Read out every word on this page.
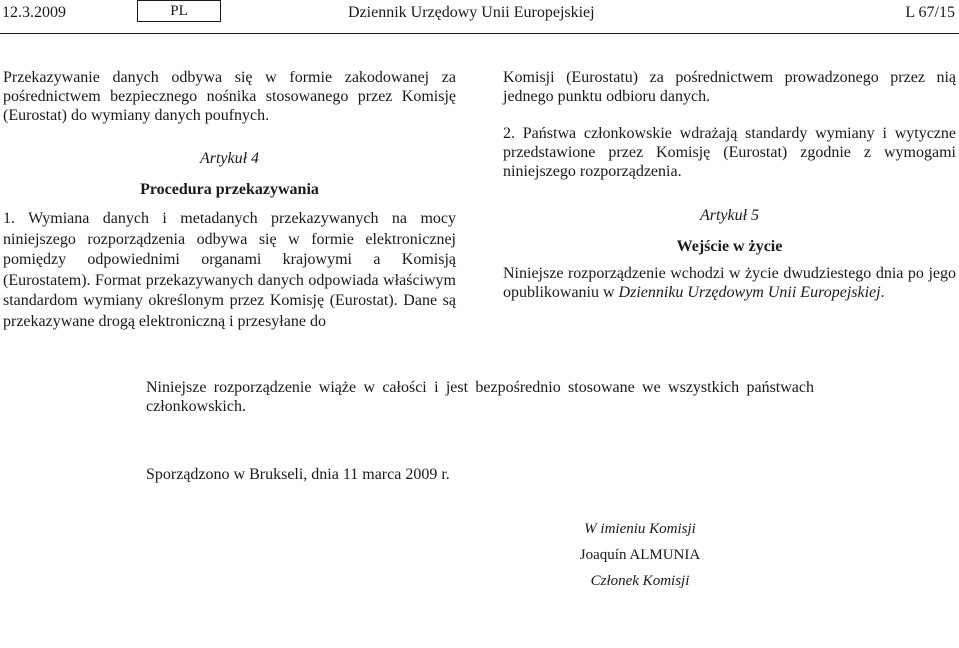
12.3.2009	PL	Dziennik Urzędowy Unii Europejskiej	L 67/15

Przekazywanie danych odbywa się w formie zakodowanej za pośrednictwem bezpiecznego nośnika stosowanego przez Komisję (Eurostat) do wymiany danych poufnych.

Artykuł 4

Procedura przekazywania

1. Wymiana danych i metadanych przekazywanych na mocy niniejszego rozporządzenia odbywa się w formie elektronicznej pomiędzy odpowiednimi organami krajowymi a Komisją (Eurostatem). Format przekazywanych danych odpowiada właściwym standardom wymiany określonym przez Komisję (Eurostat). Dane są przekazywane drogą elektroniczną i przesyłane do

Komisji (Eurostatu) za pośrednictwem prowadzonego przez nią jednego punktu odbioru danych.

2. Państwa członkowskie wdrażają standardy wymiany i wytyczne przedstawione przez Komisję (Eurostat) zgodnie z wymogami niniejszego rozporządzenia.

Artykuł 5

Wejście w życie

Niniejsze rozporządzenie wchodzi w życie dwudziestego dnia po jego opublikowaniu w Dzienniku Urzędowym Unii Europejskiej.

Niniejsze rozporządzenie wiąże w całości i jest bezpośrednio stosowane we wszystkich państwach członkowskich.

Sporządzono w Brukseli, dnia 11 marca 2009 r.

W imieniu Komisji

Joaquín ALMUNIA

Członek Komisji
